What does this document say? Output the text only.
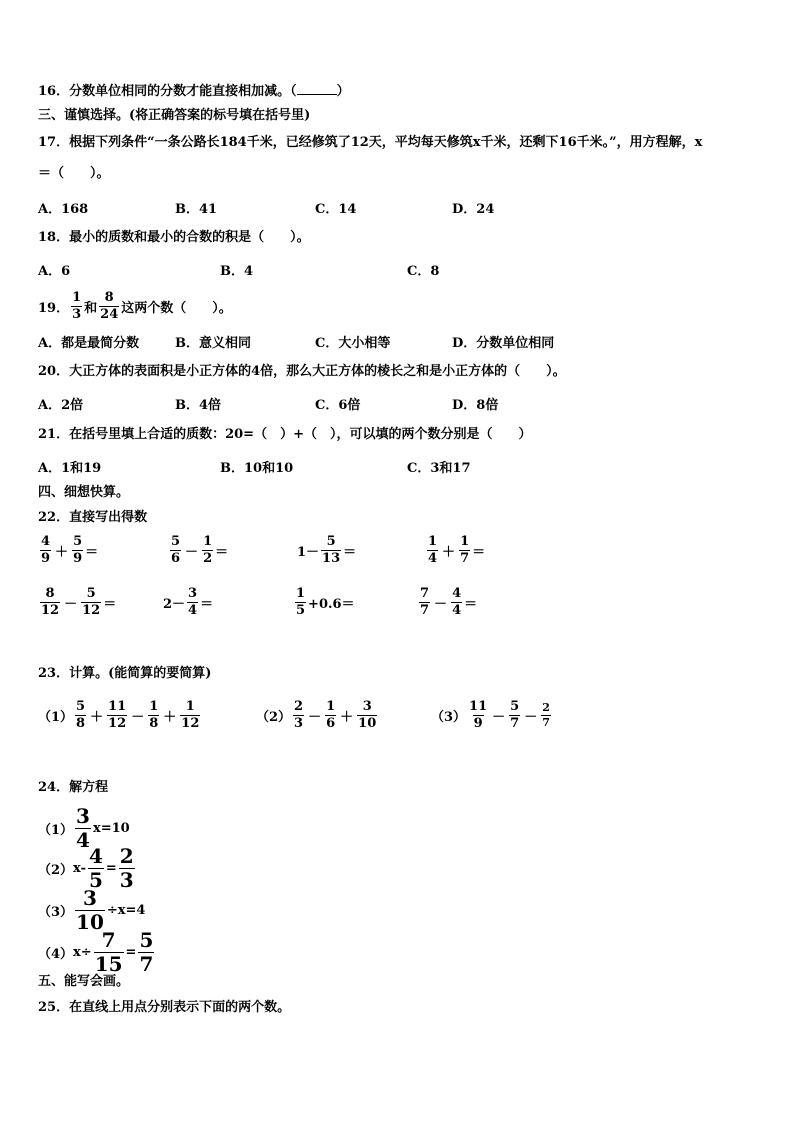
16．分数单位相同的分数才能直接相加减。（	）
三、谨慎选择。(将正确答案的标号填在括号里)
17．根据下列条件“一条公路长184千米，已经修筑了12天，平均每天修筑x千米，还剩下16千米。”，用方程解，x
＝（　　）。
A．168	B．41	C．14	D．24
18．最小的质数和最小的合数的积是（　　）。
A．6	B．4	C．8
19． $\frac{1}{3}$ 和 $\frac{8}{24}$ 这两个数（　　）。
A．都是最简分数	B．意义相同	C．大小相等	D．分数单位相同
20．大正方体的表面积是小正方体的4倍，那么大正方体的棱长之和是小正方体的（　　）。
A．2倍	B．4倍	C．6倍	D．8倍
21．在括号里填上合适的质数：20=（　）+（　），可以填的两个数分别是（　　）
A．1和19	B．10和10	C．3和17
四、细想快算。
22．直接写出得数
$\frac{4}{9} + \frac{5}{9}$ ＝	$\frac{5}{6} - \frac{1}{2}$ ＝	$1- \frac{5}{13}$ ＝	$\frac{1}{4} + \frac{1}{7}$ ＝
$\frac{8}{12} - \frac{5}{12}$ ＝	$2- \frac{3}{4}$ ＝	$\frac{1}{5} +0.6=$	$\frac{7}{7} - \frac{4}{4}$ ＝
23．计算。(能简算的要简算)
$(1) \frac{5}{8} + \frac{11}{12} - \frac{1}{8} + \frac{1}{12}$	$(2) \frac{2}{3} - \frac{1}{6} + \frac{3}{10}$	$(3) \frac{11}{9} - \frac{5}{7} - \frac{2}{7}$
24．解方程
$(1) \frac{3}{4} x=10$
（2） $x- \frac{4}{5} = \frac{2}{3}$
$(3) \frac{3}{10} \div x=4$
（4） $x\div \frac{7}{15} = \frac{5}{7}$
五、能写会画。
25．在直线上用点分别表示下面的两个数。
